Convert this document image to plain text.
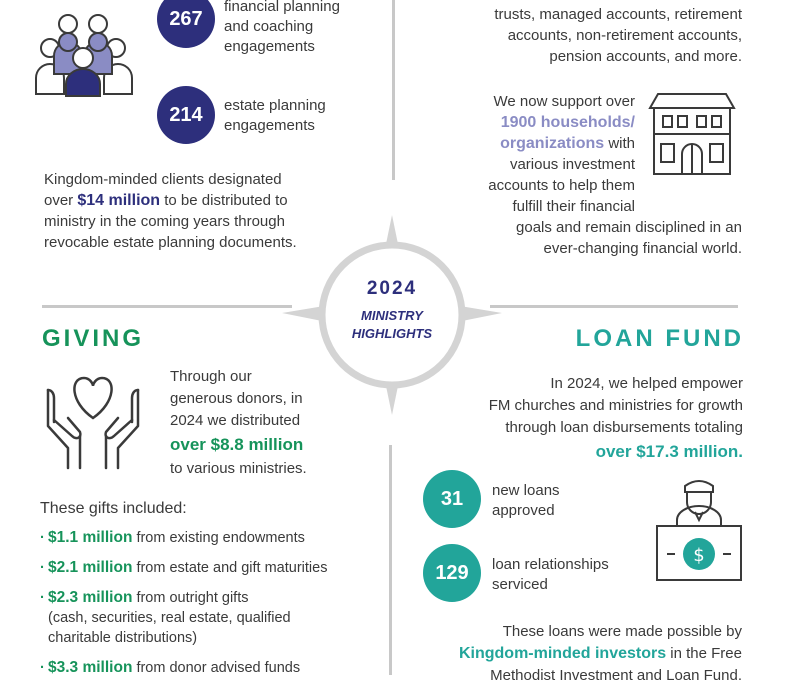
2024
MINISTRY
HIGHLIGHTS
267
financial planning
and coaching
engagements
214	estate planning
engagements
Kingdom-minded clients designated
over $14 million to be distributed to
ministry in the coming years through
revocable estate planning documents.
trusts, managed accounts, retirement
accounts, non-retirement accounts,
pension accounts, and more.
We now support over
1900 households/
organizations with
various investment
accounts to help them
fulfill their financial
goals and remain disciplined in an
ever-changing financial world.
GIVING
Through our
generous donors, in
2024 we distributed
over $8.8 million
to various ministries.
These gifts included:
· $1.1 million from existing endowments
· $2.1 million from estate and gift maturities
· $2.3 million from outright gifts
(cash, securities, real estate, qualified
charitable distributions)
· $3.3 million from donor advised funds
LOAN FUND
In 2024, we helped empower
FM churches and ministries for growth
through loan disbursements totaling
over $17.3 million.
31	new loans
approved
129	loan relationships
serviced
$
These loans were made possible by
Kingdom-minded investors in the Free
Methodist Investment and Loan Fund.
